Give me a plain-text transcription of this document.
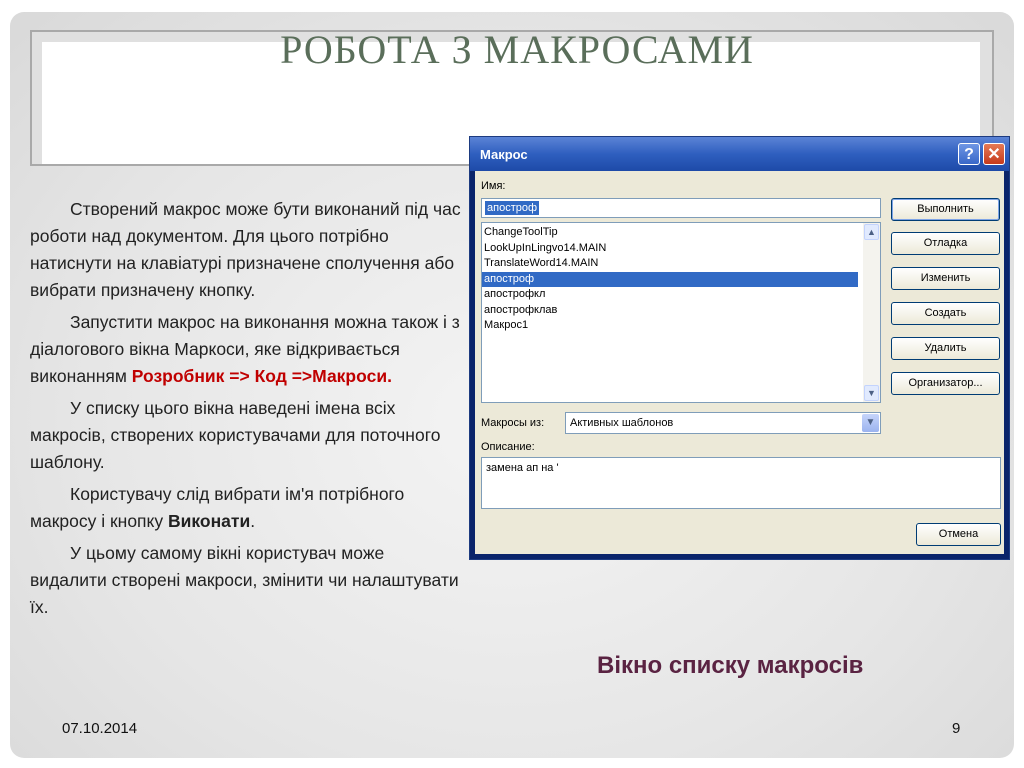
РОБОТА З МАКРОСАМИ

Створений макрос може бути виконаний під час роботи над документом. Для цього потрібно натиснути на клавіатурі призначене сполучення або вибрати призначену кнопку.

Запустити макрос на виконання можна також і з діалогового вікна Маркоси, яке відкривається виконанням Розробник => Код =>Макроси.

У списку цього вікна наведені імена всіх макросів, створених користувачами для поточного шаблону.

Користувачу слід вибрати ім'я потрібного макросу і кнопку Виконати.

У цьому самому вікні користувач може видалити створені макроси, змінити чи налаштувати їх.

Макрос	? ✕
Имя:
апостроф
ChangeToolTip
LookUpInLingvo14.MAIN
TranslateWord14.MAIN
апостроф
апострофкл
апострофклав
Макрос1
▲
▼
Выполнить
Отладка
Изменить
Создать
Удалить
Организатор...
Макросы из:	Активных шаблонов	▼
Описание:
замена ап на '
Отмена
Вікно списку макросів
07.10.2014	9
